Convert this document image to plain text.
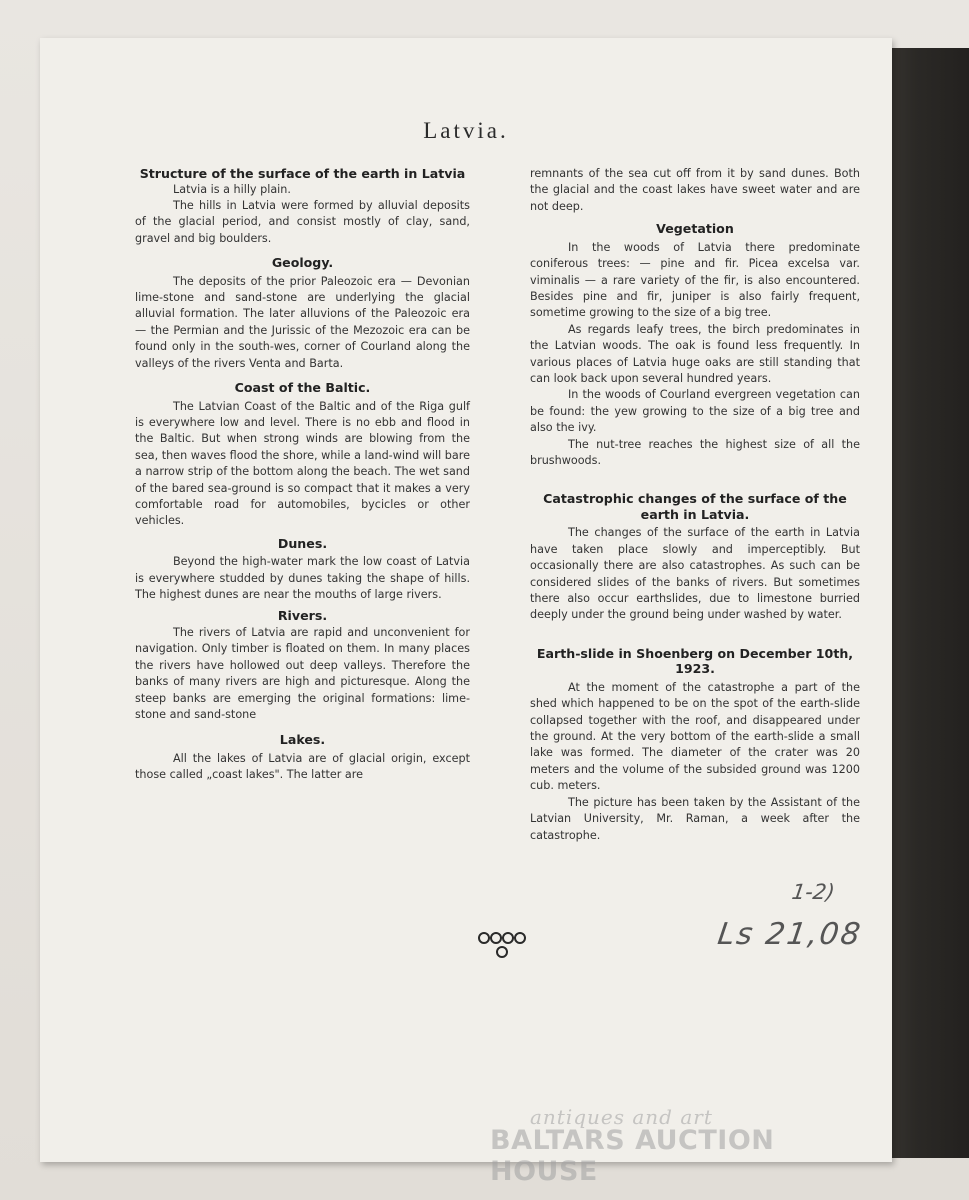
Latvia.
Structure of the surface of the earth in Latvia

Latvia is a hilly plain.

The hills in Latvia were formed by alluvial deposits of the glacial period, and consist mostly of clay, sand, gravel and big boulders.

Geology.

The deposits of the prior Paleozoic era — Devonian lime-stone and sand-stone are underlying the glacial alluvial formation. The later alluvions of the Paleozoic era — the Permian and the Jurissic of the Mezozoic era can be found only in the south-wes, corner of Courland along the valleys of the rivers Venta and Barta.

Coast of the Baltic.

The Latvian Coast of the Baltic and of the Riga gulf is everywhere low and level. There is no ebb and flood in the Baltic. But when strong winds are blowing from the sea, then waves flood the shore, while a land-wind will bare a narrow strip of the bottom along the beach. The wet sand of the bared sea-ground is so compact that it makes a very comfortable road for automobiles, bycicles or other vehicles.

Dunes.

Beyond the high-water mark the low coast of Latvia is everywhere studded by dunes taking the shape of hills. The highest dunes are near the mouths of large rivers.

Rivers.

The rivers of Latvia are rapid and unconvenient for navigation. Only timber is floated on them. In many places the rivers have hollowed out deep valleys. Therefore the banks of many rivers are high and picturesque. Along the steep banks are emerging the original formations: lime-stone and sand-stone

Lakes.

All the lakes of Latvia are of glacial origin, except those called „coast lakes". The latter are

remnants of the sea cut off from it by sand dunes. Both the glacial and the coast lakes have sweet water and are not deep.

Vegetation

In the woods of Latvia there predominate coniferous trees: — pine and fir. Picea excelsa var. viminalis — a rare variety of the fir, is also encountered. Besides pine and fir, juniper is also fairly frequent, sometime growing to the size of a big tree.

As regards leafy trees, the birch predominates in the Latvian woods. The oak is found less frequently. In various places of Latvia huge oaks are still standing that can look back upon several hundred years.

In the woods of Courland evergreen vegetation can be found: the yew growing to the size of a big tree and also the ivy.

The nut-tree reaches the highest size of all the brushwoods.

Catastrophic changes of the surface of the earth in Latvia.

The changes of the surface of the earth in Latvia have taken place slowly and imperceptibly. But occasionally there are also catastrophes. As such can be considered slides of the banks of rivers. But sometimes there also occur earthslides, due to limestone burried deeply under the ground being under washed by water.

Earth-slide in Shoenberg on December 10th, 1923.

At the moment of the catastrophe a part of the shed which happened to be on the spot of the earth-slide collapsed together with the roof, and disappeared under the ground. At the very bottom of the earth-slide a small lake was formed. The diameter of the crater was 20 meters and the volume of the subsided ground was 1200 cub. meters.

The picture has been taken by the Assistant of the Latvian University, Mr. Raman, a week after the catastrophe.

1-2)
Ls 21,08
antiques and art
BALTARS AUCTION HOUSE
